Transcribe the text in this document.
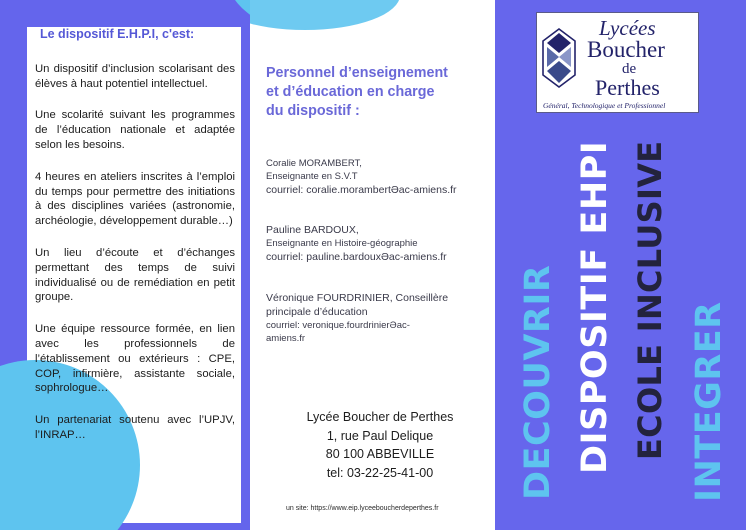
Le dispositif E.H.P.I, c'est:

Un dispositif d’inclusion scolarisant des élèves à haut potentiel intellectuel.

Une scolarité suivant les programmes de l’éducation nationale et adaptée selon les besoins.

4 heures en ateliers inscrites à l’emploi du temps pour permettre des initiations à des disciplines variées (astronomie, archéologie, développement durable…)

Un lieu d’écoute et d’échanges permettant des temps de suivi individualisé ou de remédiation en petit groupe.

Une équipe ressource formée, en lien avec les professionnels de l’établissement ou extérieurs : CPE, COP, infirmière, assistante sociale, sophrologue…

Un partenariat soutenu avec l’UPJV, l’INRAP…

Personnel d’enseignement
et d’éducation en charge
du dispositif :
Coralie MORAMBERT,
Enseignante en S.V.T
courriel: coralie.morambertƏac-amiens.fr
Pauline BARDOUX,
Enseignante en Histoire-géographie
courriel: pauline.bardouxƏac-amiens.fr
Véronique FOURDRINIER, Conseillère
principale d’éducation
courriel: veronique.fourdrinierƏac-
amiens.fr
Lycée Boucher de Perthes
1, rue Paul Delique
80 100 ABBEVILLE
tel: 03-22-25-41-00
un site: https://www.eip.lyceeboucherdeperthes.fr
Lycées
Boucher
de
Perthes
Général, Technologique et Professionnel
DECOUVRIR DISPOSITIF EHPI ECOLE INCLUSIVE INTEGRER
